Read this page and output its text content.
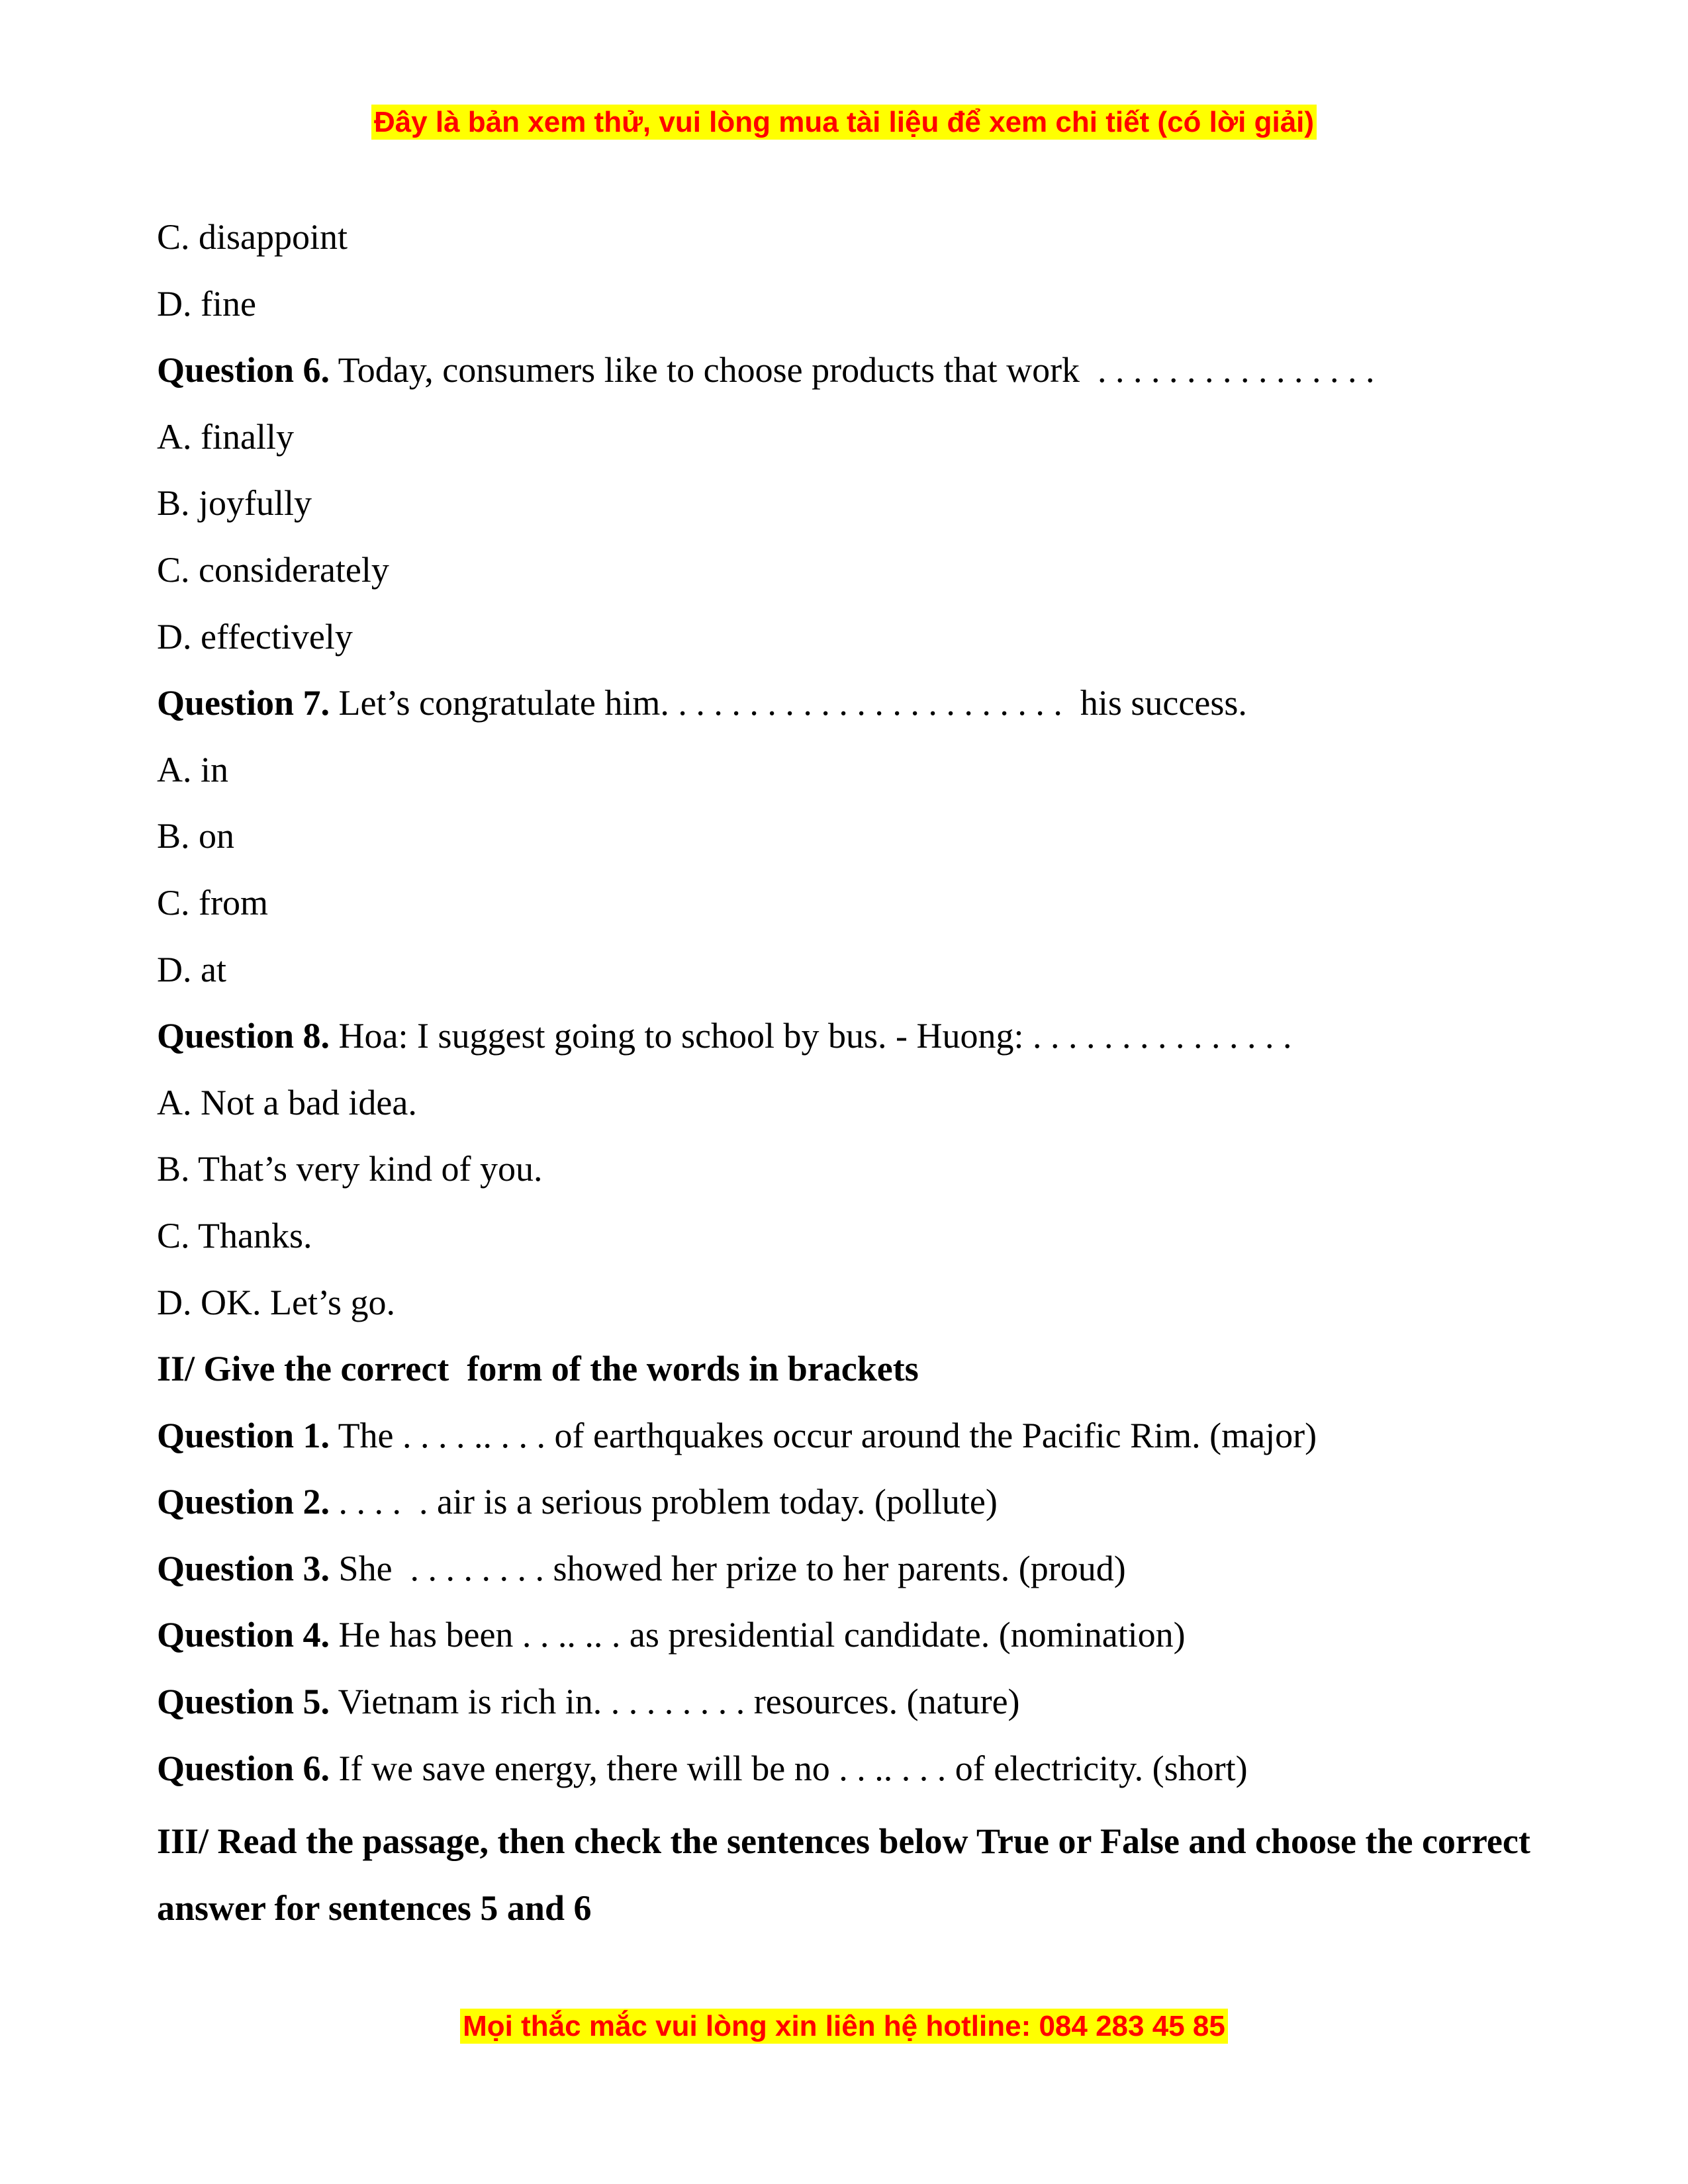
Đây là bản xem thử, vui lòng mua tài liệu để xem chi tiết (có lời giải)
C. disappoint
D. fine
Question 6. Today, consumers like to choose products that work  . . . . . . . . . . . . . . . .
A. finally
B. joyfully
C. considerately
D. effectively
Question 7. Let’s congratulate him. . . . . . . . . . . . . . . . . . . . . . .  his success.
A. in
B. on
C. from
D. at
Question 8. Hoa: I suggest going to school by bus. - Huong: . . . . . . . . . . . . . . .
A. Not a bad idea.
B. That’s very kind of you.
C. Thanks.
D. OK. Let’s go.
II/ Give the correct  form of the words in brackets
Question 1. The . . . . .. . . . of earthquakes occur around the Pacific Rim. (major)
Question 2. . . . .  . air is a serious problem today. (pollute)
Question 3. She  . . . . . . . . showed her prize to her parents. (proud)
Question 4. He has been . . .. .. . as presidential candidate. (nomination)
Question 5. Vietnam is rich in. . . . . . . . . resources. (nature)
Question 6. If we save energy, there will be no . . .. . . . of electricity. (short)
III/ Read the passage, then check the sentences below True or False and choose the correct answer for sentences 5 and 6
Mọi thắc mắc vui lòng xin liên hệ hotline: 084 283 45 85
